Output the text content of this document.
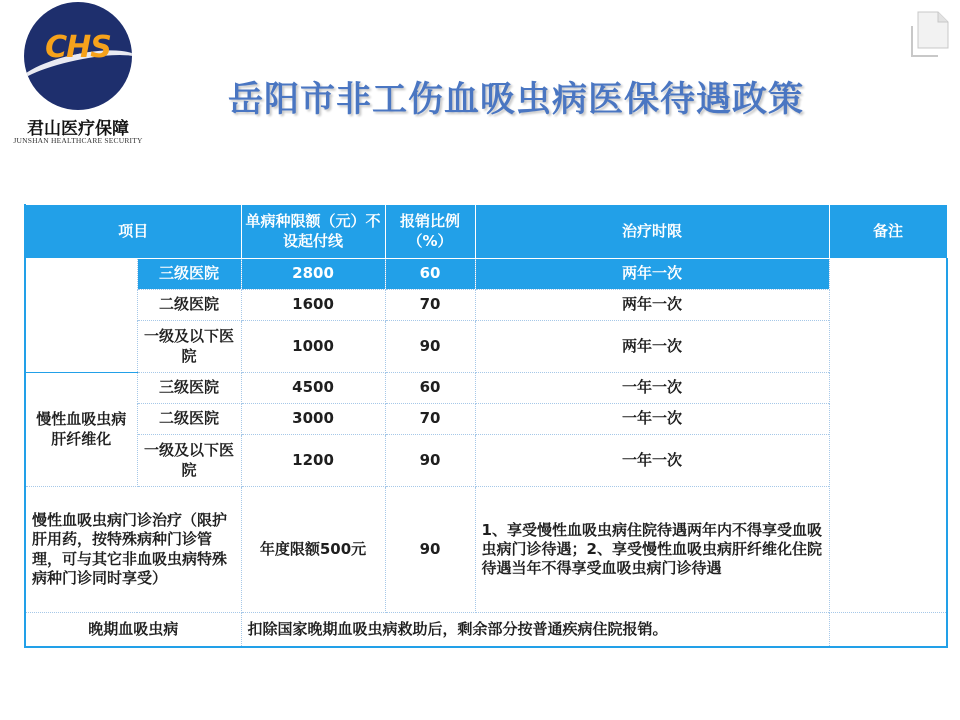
CHS
君山医疗保障
JUNSHAN HEALTHCARE SECURITY
岳阳市非工伤血吸虫病医保待遇政策
项目		单病种限额（元）不设起付线	报销比例（%）	治疗时限	备注
	三级医院	2800	60	两年一次	
	二级医院	1600	70	两年一次	
	一级及以下医院	1000	90	两年一次	
慢性血吸虫病肝纤维化	三级医院	4500	60	一年一次	
	二级医院	3000	70	一年一次	
	一级及以下医院	1200	90	一年一次	
慢性血吸虫病门诊治疗（限护肝用药，按特殊病种门诊管理，可与其它非血吸虫病特殊病种门诊同时享受）		年度限额500元	90	1、享受慢性血吸虫病住院待遇两年内不得享受血吸虫病门诊待遇；2、享受慢性血吸虫病肝纤维化住院待遇当年不得享受血吸虫病门诊待遇	
晚期血吸虫病		扣除国家晚期血吸虫病救助后，剩余部分按普通疾病住院报销。			
